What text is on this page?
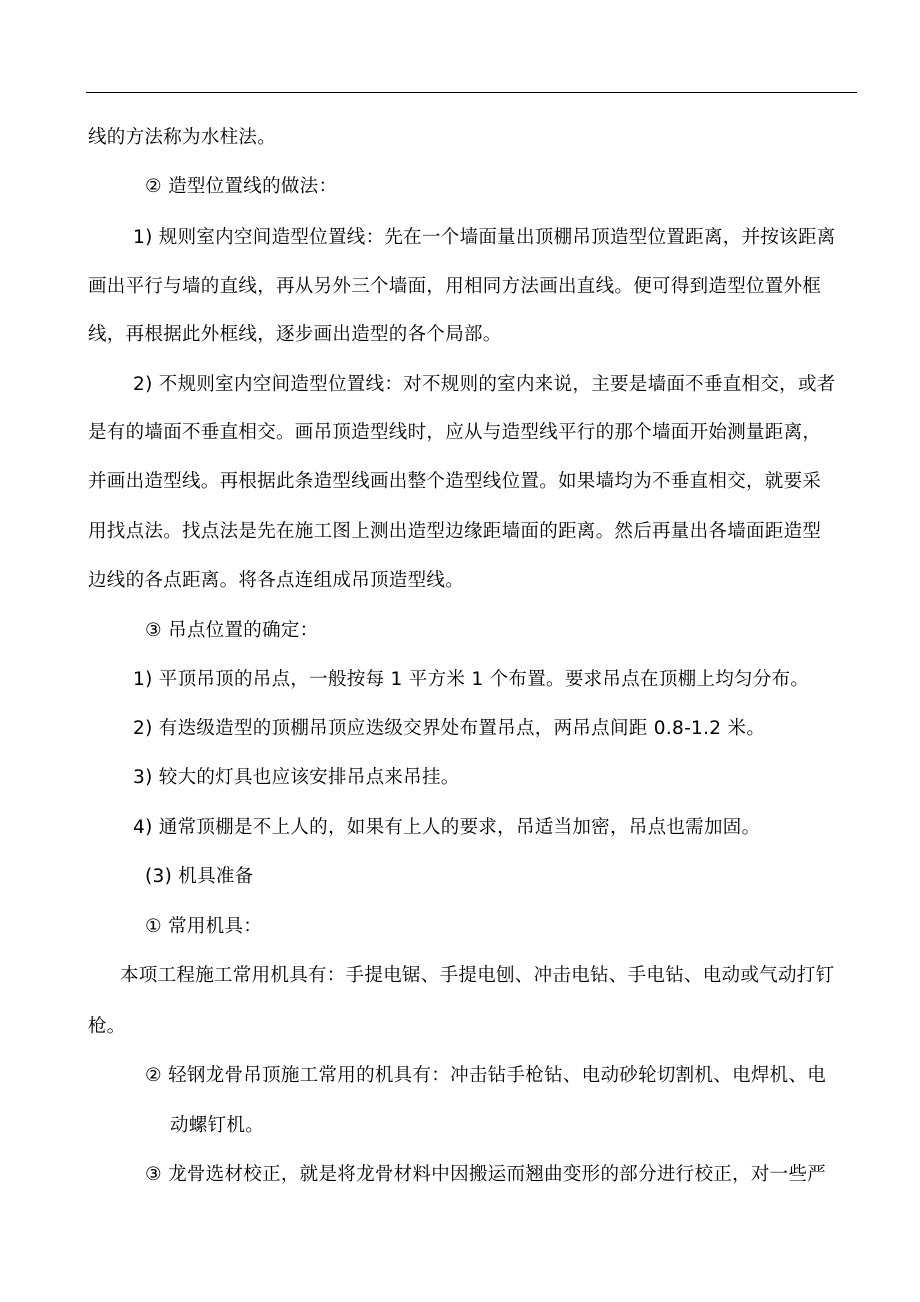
线的方法称为水柱法。
② 造型位置线的做法：
1) 规则室内空间造型位置线：先在一个墙面量出顶棚吊顶造型位置距离，并按该距离
画出平行与墙的直线，再从另外三个墙面，用相同方法画出直线。便可得到造型位置外框
线，再根据此外框线，逐步画出造型的各个局部。
2) 不规则室内空间造型位置线：对不规则的室内来说，主要是墙面不垂直相交，或者
是有的墙面不垂直相交。画吊顶造型线时，应从与造型线平行的那个墙面开始测量距离，
并画出造型线。再根据此条造型线画出整个造型线位置。如果墙均为不垂直相交，就要采
用找点法。找点法是先在施工图上测出造型边缘距墙面的距离。然后再量出各墙面距造型
边线的各点距离。将各点连组成吊顶造型线。
③ 吊点位置的确定：
1) 平顶吊顶的吊点，一般按每 1 平方米 1 个布置。要求吊点在顶棚上均匀分布。
2) 有迭级造型的顶棚吊顶应迭级交界处布置吊点，两吊点间距 0.8-1.2 米。
3) 较大的灯具也应该安排吊点来吊挂。
4) 通常顶棚是不上人的，如果有上人的要求，吊适当加密，吊点也需加固。
(3) 机具准备
① 常用机具：
本项工程施工常用机具有：手提电锯、手提电刨、冲击电钻、手电钻、电动或气动打钉
枪。
② 轻钢龙骨吊顶施工常用的机具有：冲击钻手枪钻、电动砂轮切割机、电焊机、电
动螺钉机。
③ 龙骨选材校正，就是将龙骨材料中因搬运而翘曲变形的部分进行校正，对一些严
